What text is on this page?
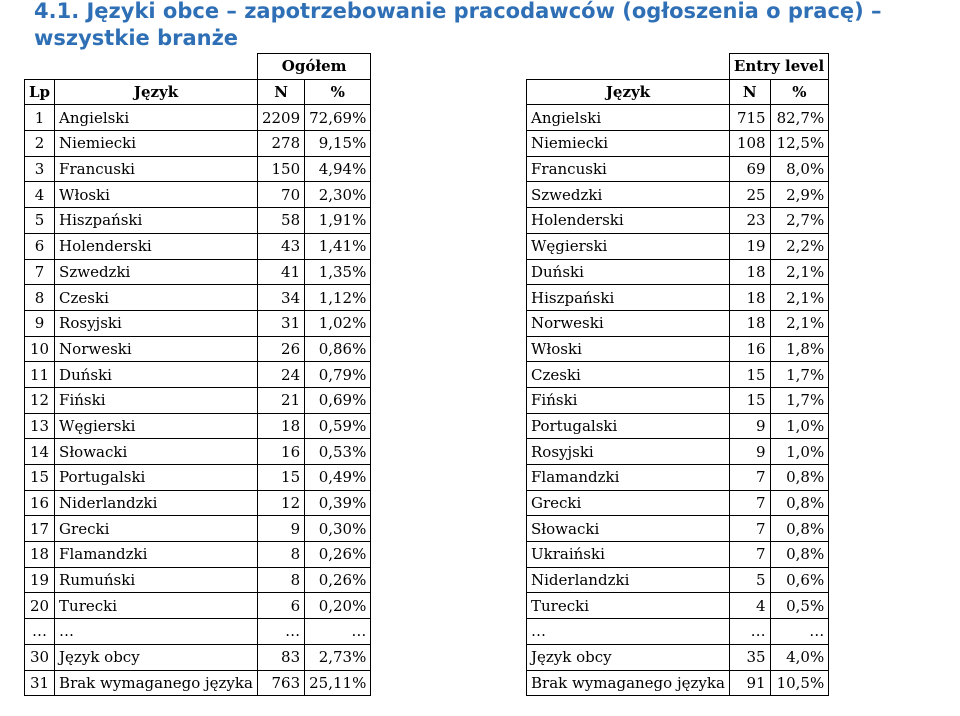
4.1. Języki obce – zapotrzebowanie pracodawców (ogłoszenia o pracę) –
wszystkie branże
		Ogółem	
Lp	Język	N	%
1	Angielski	2209	72,69%
2	Niemiecki	278	9,15%
3	Francuski	150	4,94%
4	Włoski	70	2,30%
5	Hiszpański	58	1,91%
6	Holenderski	43	1,41%
7	Szwedzki	41	1,35%
8	Czeski	34	1,12%
9	Rosyjski	31	1,02%
10	Norweski	26	0,86%
11	Duński	24	0,79%
12	Fiński	21	0,69%
13	Węgierski	18	0,59%
14	Słowacki	16	0,53%
15	Portugalski	15	0,49%
16	Niderlandzki	12	0,39%
17	Grecki	9	0,30%
18	Flamandzki	8	0,26%
19	Rumuński	8	0,26%
20	Turecki	6	0,20%
…	…	…	…
30	Język obcy	83	2,73%
31	Brak wymaganego języka	763	25,11%
	Entry level	
Język	N	%
Angielski	715	82,7%
Niemiecki	108	12,5%
Francuski	69	8,0%
Szwedzki	25	2,9%
Holenderski	23	2,7%
Węgierski	19	2,2%
Duński	18	2,1%
Hiszpański	18	2,1%
Norweski	18	2,1%
Włoski	16	1,8%
Czeski	15	1,7%
Fiński	15	1,7%
Portugalski	9	1,0%
Rosyjski	9	1,0%
Flamandzki	7	0,8%
Grecki	7	0,8%
Słowacki	7	0,8%
Ukraiński	7	0,8%
Niderlandzki	5	0,6%
Turecki	4	0,5%
…	…	…
Język obcy	35	4,0%
Brak wymaganego języka	91	10,5%
